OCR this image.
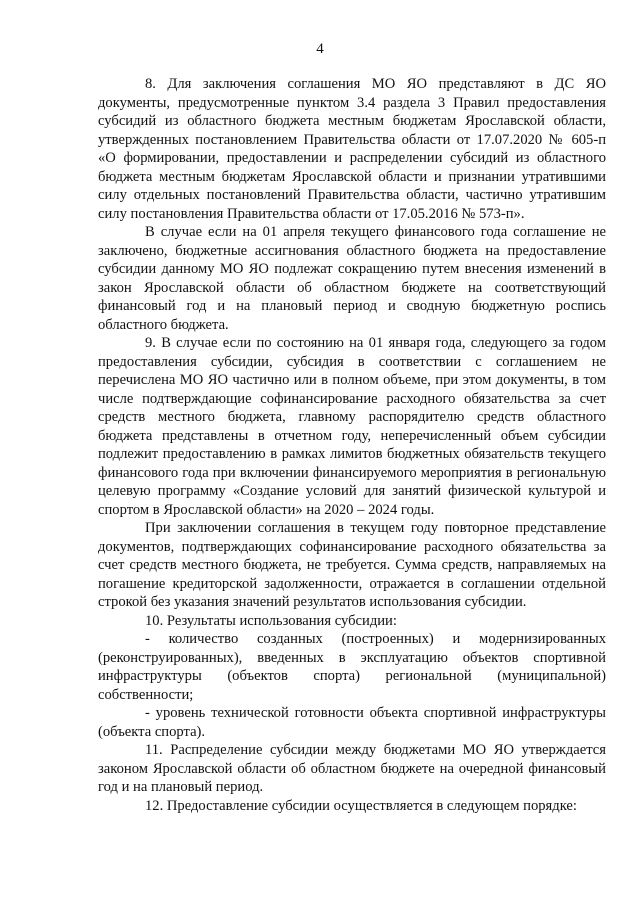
4

8. Для заключения соглашения МО ЯО представляют в ДС ЯО документы, предусмотренные пунктом 3.4 раздела 3 Правил предоставления субсидий из областного бюджета местным бюджетам Ярославской области, утвержденных постановлением Правительства области от 17.07.2020 № 605-п «О формировании, предоставлении и распределении субсидий из областного бюджета местным бюджетам Ярославской области и признании утратившими силу отдельных постановлений Правительства области, частично утратившим силу постановления Правительства области от 17.05.2016 № 573-п».

В случае если на 01 апреля текущего финансового года соглашение не заключено, бюджетные ассигнования областного бюджета на предоставление субсидии данному МО ЯО подлежат сокращению путем внесения изменений в закон Ярославской области об областном бюджете на соответствующий финансовый год и на плановый период и сводную бюджетную роспись областного бюджета.

9. В случае если по состоянию на 01 января года, следующего за годом предоставления субсидии, субсидия в соответствии с соглашением не перечислена МО ЯО частично или в полном объеме, при этом документы, в том числе подтверждающие софинансирование расходного обязательства за счет средств местного бюджета, главному распорядителю средств областного бюджета представлены в отчетном году, неперечисленный объем субсидии подлежит предоставлению в рамках лимитов бюджетных обязательств текущего финансового года при включении финансируемого мероприятия в региональную целевую программу «Создание условий для занятий физической культурой и спортом в Ярославской области» на 2020 – 2024 годы.

При заключении соглашения в текущем году повторное представление документов, подтверждающих софинансирование расходного обязательства за счет средств местного бюджета, не требуется. Сумма средств, направляемых на погашение кредиторской задолженности, отражается в соглашении отдельной строкой без указания значений результатов использования субсидии.

10. Результаты использования субсидии:

- количество созданных (построенных) и модернизированных (реконструированных), введенных в эксплуатацию объектов спортивной инфраструктуры (объектов спорта) региональной (муниципальной) собственности;

- уровень технической готовности объекта спортивной инфраструктуры (объекта спорта).

11. Распределение субсидии между бюджетами МО ЯО утверждается законом Ярославской области об областном бюджете на очередной финансовый год и на плановый период.

12. Предоставление субсидии осуществляется в следующем порядке:
